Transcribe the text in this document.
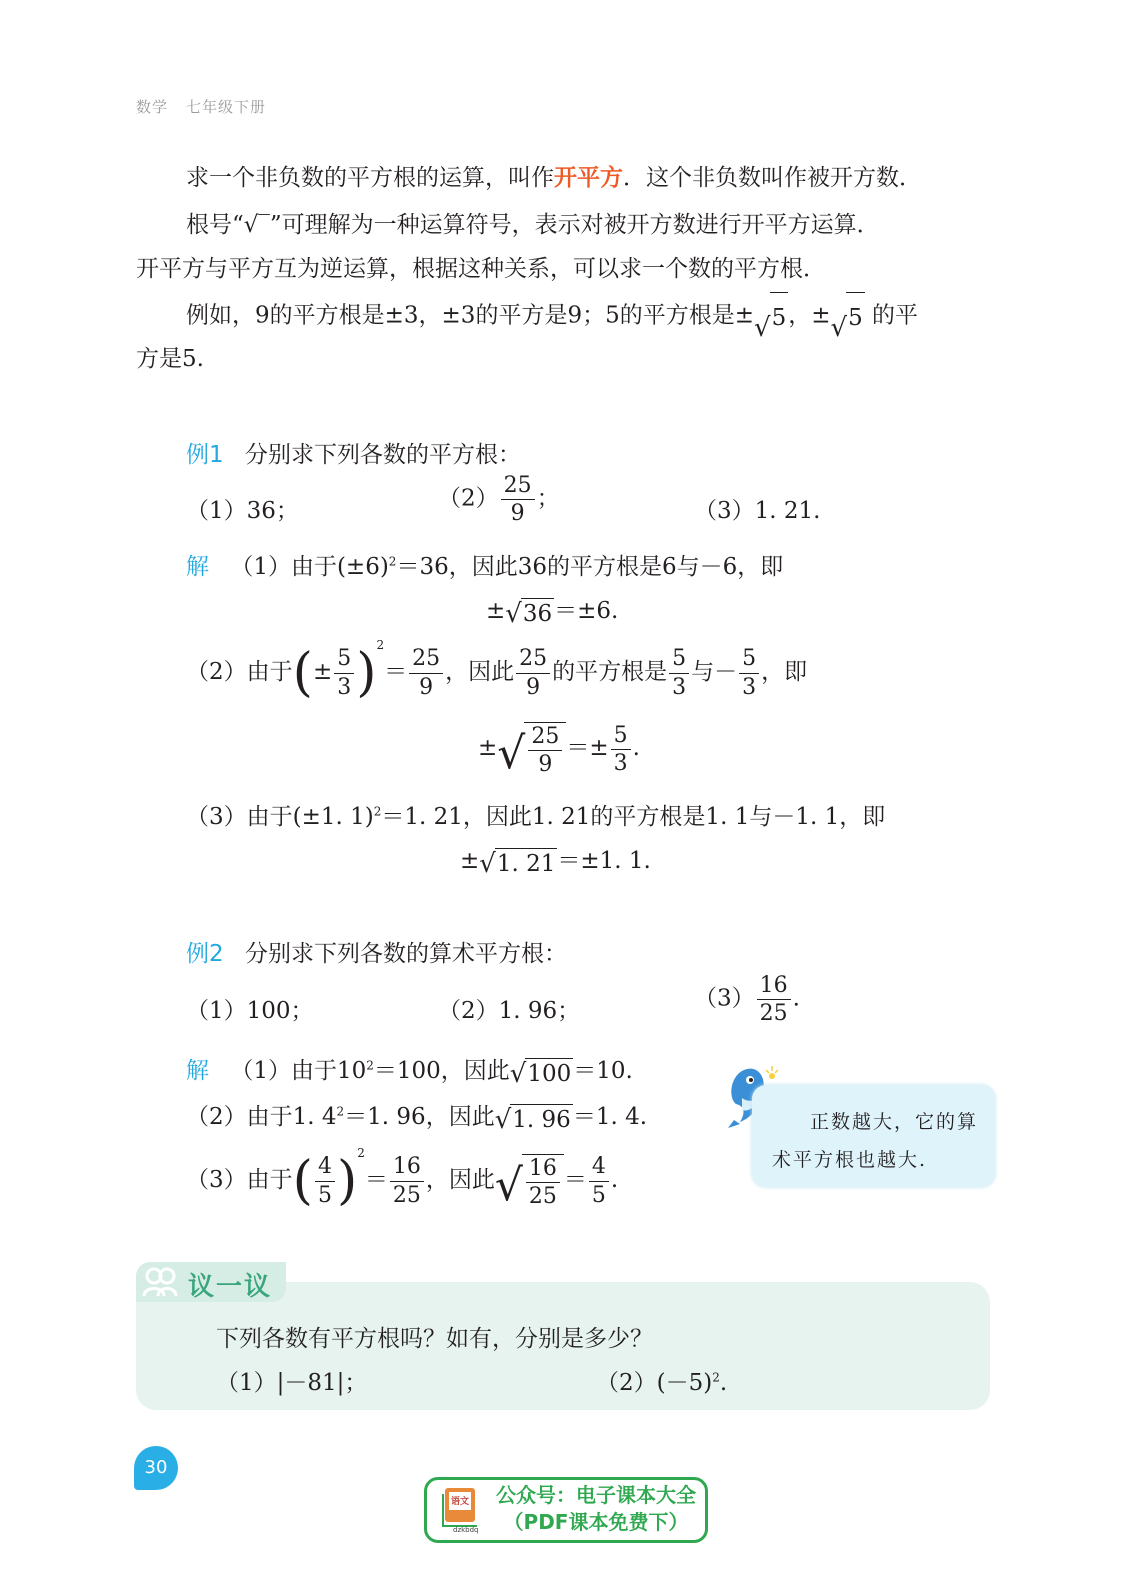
数学 七年级下册
求一个非负数的平方根的运算，叫作开平方．这个非负数叫作被开方数．
根号“√‾”可理解为一种运算符号，表示对被开方数进行开平方运算．
开平方与平方互为逆运算，根据这种关系，可以求一个数的平方根．
例如，9的平方根是±3，±3的平方是9；5的平方根是± √ 5 ，± √ 5 的平
方是5.
例1 分别求下列各数的平方根：
（1）36；	$(2) \frac{25}{9}$ ；	（3）1. 21.
解 （1）由于$(\pm 6)^2=36$，因此36的平方根是6与－6，即
± √ 36 ＝±6.
（2）由于(± $\frac{5}{3} )^2= \frac{25}{9}$ ，因此 $\frac{25}{9}$ 的平方根是 $\frac{5}{3}$ 与－ $\frac{5}{3}$ ，即
± √ $\frac{25}{9} =\pm \frac{5}{3}$ .
（3）由于(±1. 1)$^2$＝1. 21，因此1. 21的平方根是1. 1与－1. 1，即
± √ 1. 21 ＝±1. 1.
例2 分别求下列各数的算术平方根：
（1）100；	（2）1. 96；	$(3) \frac{16}{25}$ .
解 （1）由于$10^2=100$，因此 √ 100 ＝10.
（2）由于1. $4^2=1$. 96，因此 √ 1. 96 ＝1. 4.
（3）由于( $\frac{4}{5} )^2= \frac{16}{25}$ ，因此 √ $\frac{16}{25} = \frac{4}{5}$ .
正数越大，它的算术平方根也越大.
议一议
下列各数有平方根吗？如有，分别是多少？
（1）|－81|；	$(2)(-5)^2$.
30
语文
dzkbdq
公众号：电子课本大全
（PDF课本免费下）
